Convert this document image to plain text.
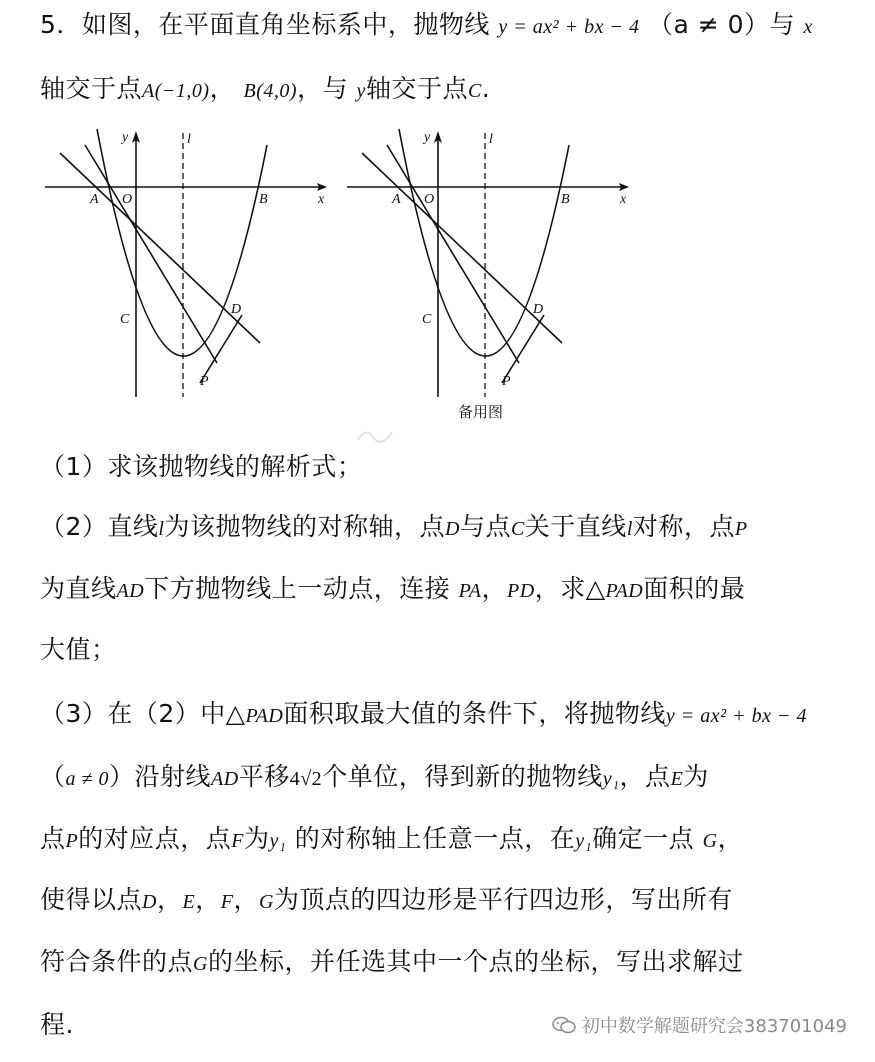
5．如图，在平面直角坐标系中，抛物线 y = ax² + bx − 4 （a ≠ 0）与 x
轴交于点A(−1,0)， B(4,0)，与 y轴交于点C.
y	l
x
A O	B
C
D
P
y	l
x
A O	B
C
D
P
备用图
（1）求该抛物线的解析式；
（2）直线l为该抛物线的对称轴，点D与点C关于直线l对称，点P
为直线AD下方抛物线上一动点，连接 PA，PD，求△PAD面积的最
大值；
（3）在（2）中△PAD面积取最大值的条件下，将抛物线y = ax² + bx − 4
（a ≠ 0）沿射线AD平移4√2个单位，得到新的抛物线y₁，点E为
点P的对应点，点F为y₁ 的对称轴上任意一点，在y₁确定一点 G，
使得以点D，E，F，G为顶点的四边形是平行四边形，写出所有
符合条件的点G的坐标，并任选其中一个点的坐标，写出求解过
程.	初中数学解题研究会383701049
